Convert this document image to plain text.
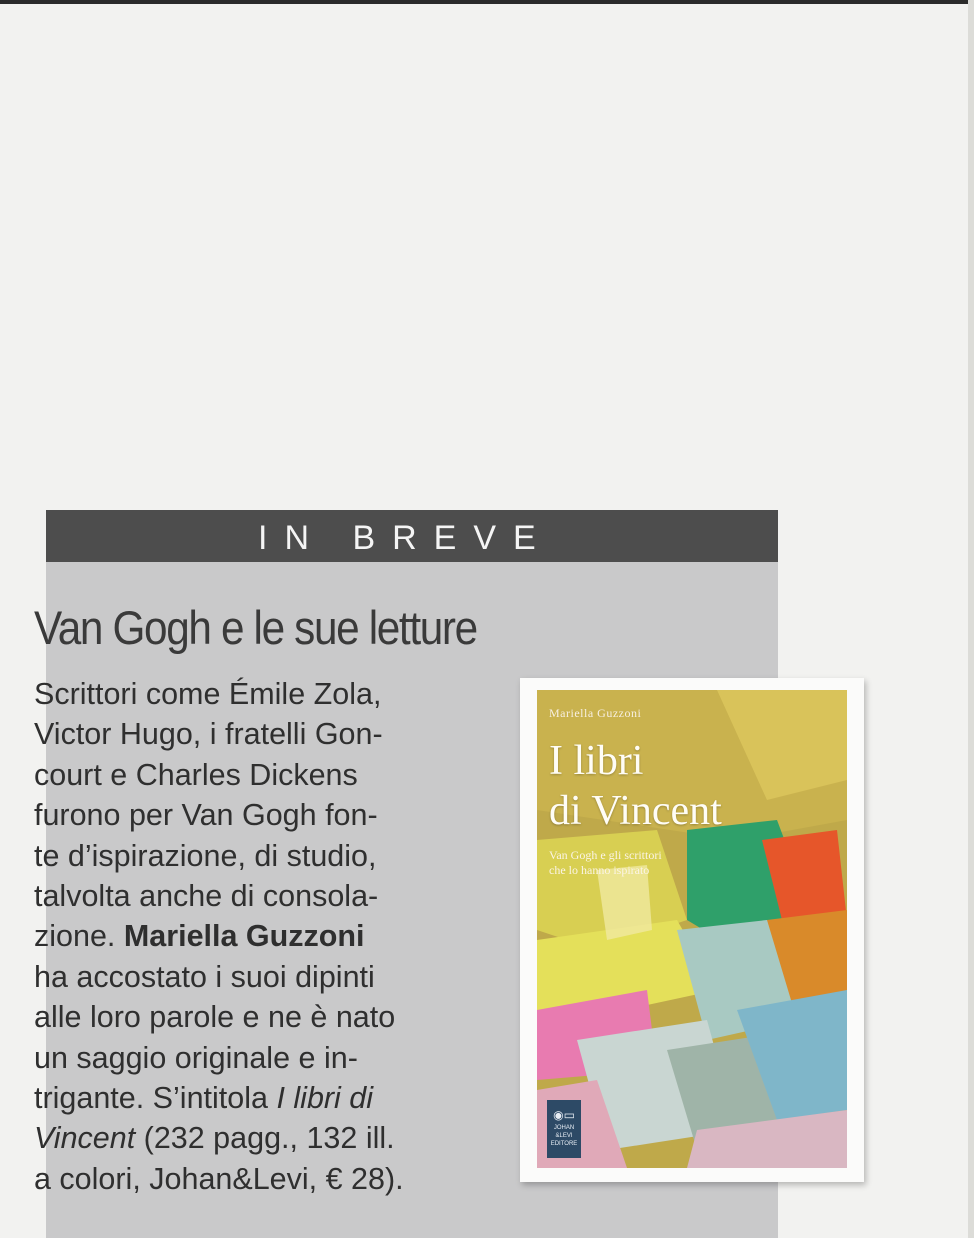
IN BREVE
Van Gogh e le sue letture
Scrittori come Émile Zola,
Victor Hugo, i fratelli Gon-
court e Charles Dickens
furono per Van Gogh fon-
te d’ispirazione, di studio,
talvolta anche di consola-
zione. Mariella Guzzoni
ha accostato i suoi dipinti
alle loro parole e ne è nato
un saggio originale e in-
trigante. S’intitola I libri di
Vincent (232 pagg., 132 ill.
a colori, Johan&Levi, € 28).
Mariella Guzzoni
I libri
di Vincent
Van Gogh e gli scrittori
che lo hanno ispirato
◉▭
JOHAN
&LEVI
EDITORE
